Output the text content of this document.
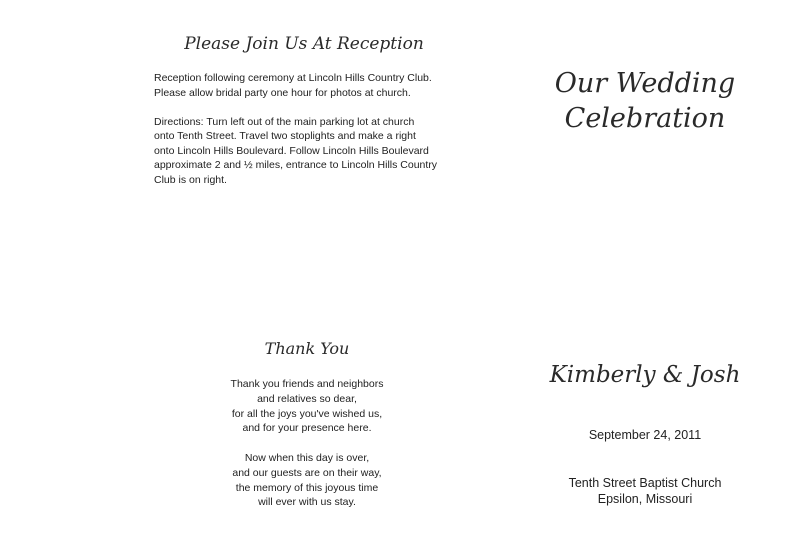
Please Join Us At Reception

Reception following ceremony at Lincoln Hills Country Club.
Please allow bridal party one hour for photos at church.

Directions: Turn left out of the main parking lot at church
onto Tenth Street. Travel two stoplights and make a right
onto Lincoln Hills Boulevard. Follow Lincoln Hills Boulevard
approximate 2 and ½ miles, entrance to Lincoln Hills Country
Club is on right.

Thank You
Thank you friends and neighbors
and relatives so dear,
for all the joys you've wished us,
and for your presence here.
Now when this day is over,
and our guests are on their way,
the memory of this joyous time
will ever with us stay.
Our Wedding
Celebration
Kimberly & Josh
September 24, 2011
Tenth Street Baptist Church
Epsilon, Missouri
